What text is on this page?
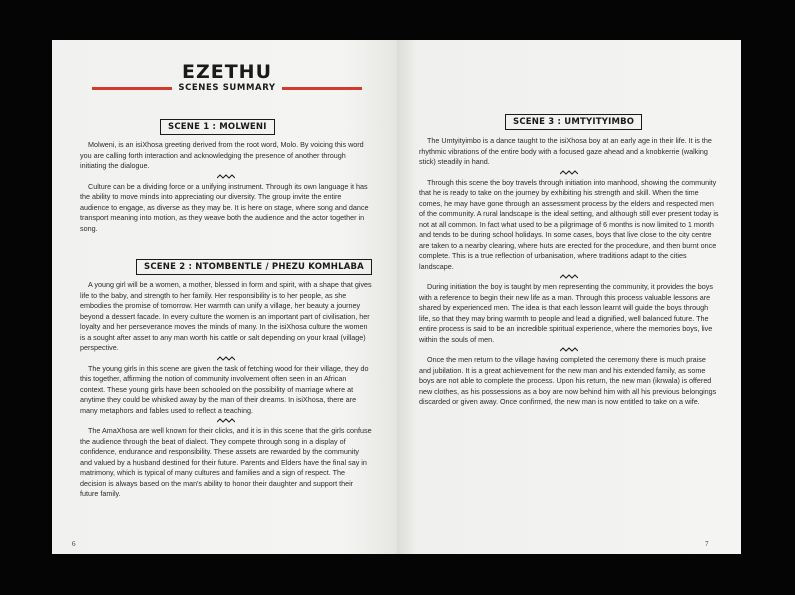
EZETHU
SCENES SUMMARY
SCENE 1 : MOLWENI

Molweni, is an isiXhosa greeting derived from the root word, Molo. By voicing this word you are calling forth interaction and acknowledging the presence of another through initiating the dialogue.

Culture can be a dividing force or a unifying instrument. Through its own language it has the ability to move minds into appreciating our diversity. The group invite the entire audience to engage, as diverse as they may be. It is here on stage, where song and dance transport meaning into motion, as they weave both the audience and the actor together in song.

SCENE 2 : NTOMBENTLE / PHEZU KOMHLABA

A young girl will be a women, a mother, blessed in form and spirit, with a shape that gives life to the baby, and strength to her family. Her responsibility is to her people, as she embodies the promise of tomorrow. Her warmth can unify a village, her beauty a journey beyond a dessert facade. In every culture the women is an important part of civilisation, her loyalty and her perseverance moves the minds of many. In the isiXhosa culture the women is a sought after asset to any man worth his cattle or salt depending on your kraal (village) perspective.

The young girls in this scene are given the task of fetching wood for their village, they do this together, affirming the notion of community involvement often seen in an African context. These young girls have been schooled on the possibility of marriage where at anytime they could be whisked away by the man of their dreams. In isiXhosa, there are many metaphors and fables used to reflect a teaching.

The AmaXhosa are well known for their clicks, and it is in this scene that the girls confuse the audience through the beat of dialect. They compete through song in a display of confidence, endurance and responsibility. These assets are rewarded by the community and valued by a husband destined for their future. Parents and Elders have the final say in matrimony, which is typical of many cultures and families and a sign of respect. The decision is always based on the man's ability to honor their daughter and support their future family.

6
SCENE 3 : UMTYITYIMBO

The Umtyityimbo is a dance taught to the isiXhosa boy at an early age in their life. It is the rhythmic vibrations of the entire body with a focused gaze ahead and a knobkerrie (walking stick) steadily in hand.

Through this scene the boy travels through initiation into manhood, showing the community that he is ready to take on the journey by exhibiting his strength and skill. When the time comes, he may have gone through an assessment process by the elders and respected men of the community. A rural landscape is the ideal setting, and although still ever present today is not at all common. In fact what used to be a pilgrimage of 6 months is now limited to 1 month and tends to be during school holidays. In some cases, boys that live close to the city centre are taken to a nearby clearing, where huts are erected for the procedure, and then burnt once complete. This is a true reflection of urbanisation, where traditions adapt to the cities landscape.

During initiation the boy is taught by men representing the community, it provides the boys with a reference to begin their new life as a man. Through this process valuable lessons are shared by experienced men. The idea is that each lesson learnt will guide the boys through life, so that they may bring warmth to people and lead a dignified, well balanced future. The entire process is said to be an incredible spiritual experience, where the memories boys, live within the souls of men.

Once the men return to the village having completed the ceremony there is much praise and jubilation. It is a great achievement for the new man and his extended family, as some boys are not able to complete the process. Upon his return, the new man (ikrwala) is offered new clothes, as his possessions as a boy are now behind him with all his previous belongings discarded or given away. Once confirmed, the new man is now entitled to take on a wife.

7
